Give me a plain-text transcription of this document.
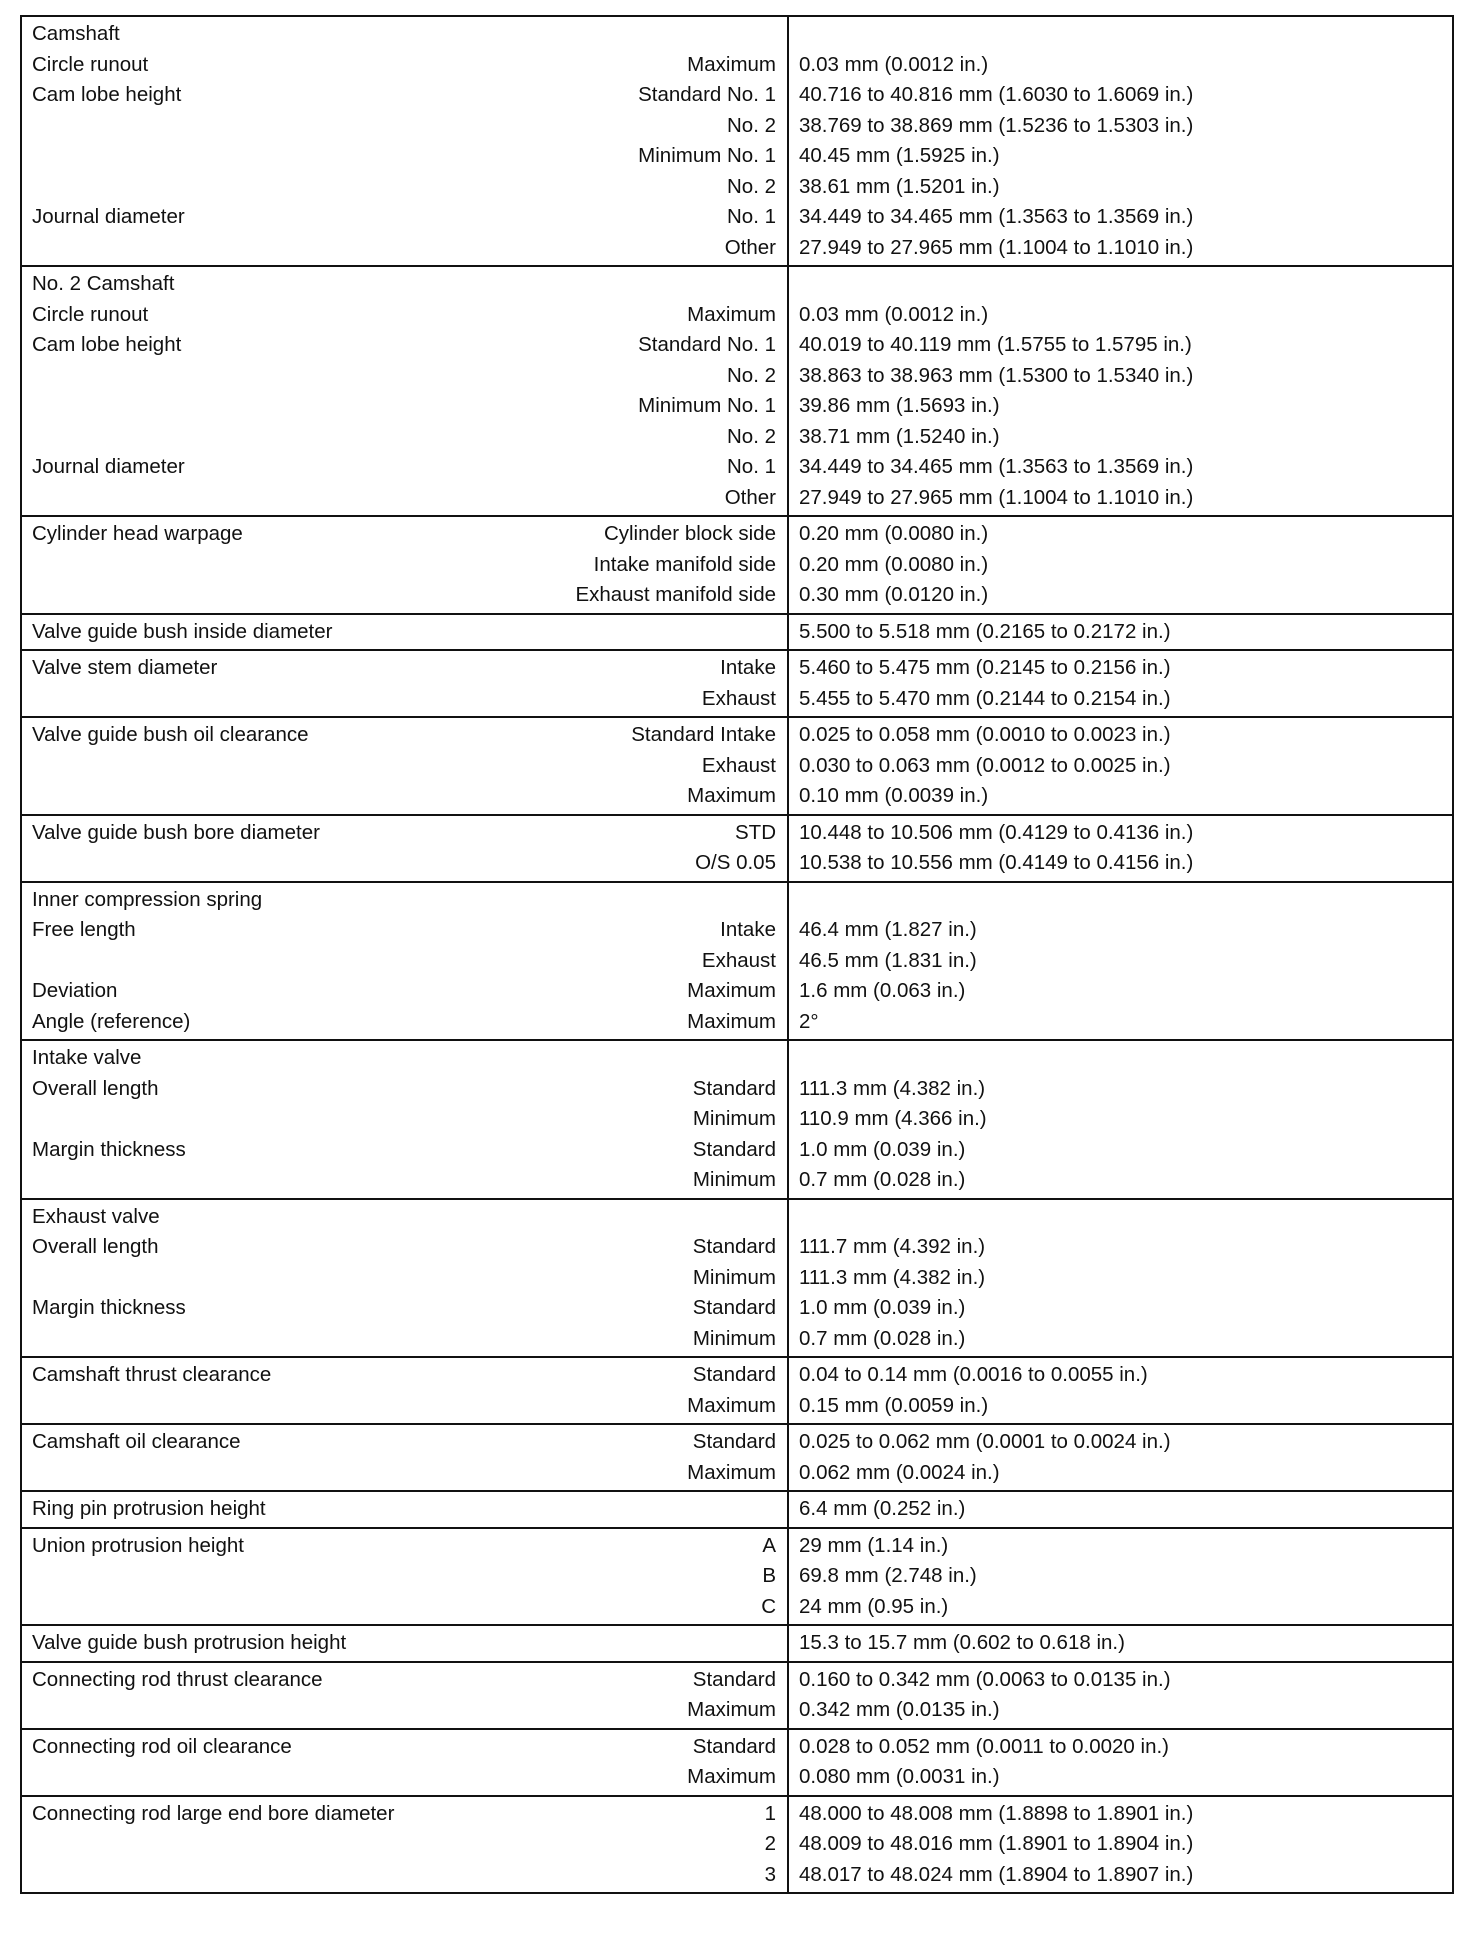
Camshaft		
Circle runout	Maximum	0.03 mm (0.0012 in.)
Cam lobe height	Standard No. 1	40.716 to 40.816 mm (1.6030 to 1.6069 in.)
	No. 2	38.769 to 38.869 mm (1.5236 to 1.5303 in.)
	Minimum No. 1	40.45 mm (1.5925 in.)
	No. 2	38.61 mm (1.5201 in.)
Journal diameter	No. 1	34.449 to 34.465 mm (1.3563 to 1.3569 in.)
	Other	27.949 to 27.965 mm (1.1004 to 1.1010 in.)
No. 2 Camshaft		
Circle runout	Maximum	0.03 mm (0.0012 in.)
Cam lobe height	Standard No. 1	40.019 to 40.119 mm (1.5755 to 1.5795 in.)
	No. 2	38.863 to 38.963 mm (1.5300 to 1.5340 in.)
	Minimum No. 1	39.86 mm (1.5693 in.)
	No. 2	38.71 mm (1.5240 in.)
Journal diameter	No. 1	34.449 to 34.465 mm (1.3563 to 1.3569 in.)
	Other	27.949 to 27.965 mm (1.1004 to 1.1010 in.)
Cylinder head warpage	Cylinder block side	0.20 mm (0.0080 in.)
	Intake manifold side	0.20 mm (0.0080 in.)
	Exhaust manifold side	0.30 mm (0.0120 in.)
Valve guide bush inside diameter		5.500 to 5.518 mm (0.2165 to 0.2172 in.)
Valve stem diameter	Intake	5.460 to 5.475 mm (0.2145 to 0.2156 in.)
	Exhaust	5.455 to 5.470 mm (0.2144 to 0.2154 in.)
Valve guide bush oil clearance	Standard Intake	0.025 to 0.058 mm (0.0010 to 0.0023 in.)
	Exhaust	0.030 to 0.063 mm (0.0012 to 0.0025 in.)
	Maximum	0.10 mm (0.0039 in.)
Valve guide bush bore diameter	STD	10.448 to 10.506 mm (0.4129 to 0.4136 in.)
	O/S 0.05	10.538 to 10.556 mm (0.4149 to 0.4156 in.)
Inner compression spring		
Free length	Intake	46.4 mm (1.827 in.)
	Exhaust	46.5 mm (1.831 in.)
Deviation	Maximum	1.6 mm (0.063 in.)
Angle (reference)	Maximum	2°
Intake valve		
Overall length	Standard	111.3 mm (4.382 in.)
	Minimum	110.9 mm (4.366 in.)
Margin thickness	Standard	1.0 mm (0.039 in.)
	Minimum	0.7 mm (0.028 in.)
Exhaust valve		
Overall length	Standard	111.7 mm (4.392 in.)
	Minimum	111.3 mm (4.382 in.)
Margin thickness	Standard	1.0 mm (0.039 in.)
	Minimum	0.7 mm (0.028 in.)
Camshaft thrust clearance	Standard	0.04 to 0.14 mm (0.0016 to 0.0055 in.)
	Maximum	0.15 mm (0.0059 in.)
Camshaft oil clearance	Standard	0.025 to 0.062 mm (0.0001 to 0.0024 in.)
	Maximum	0.062 mm (0.0024 in.)
Ring pin protrusion height		6.4 mm (0.252 in.)
Union protrusion height	A	29 mm (1.14 in.)
	B	69.8 mm (2.748 in.)
	C	24 mm (0.95 in.)
Valve guide bush protrusion height		15.3 to 15.7 mm (0.602 to 0.618 in.)
Connecting rod thrust clearance	Standard	0.160 to 0.342 mm (0.0063 to 0.0135 in.)
	Maximum	0.342 mm (0.0135 in.)
Connecting rod oil clearance	Standard	0.028 to 0.052 mm (0.0011 to 0.0020 in.)
	Maximum	0.080 mm (0.0031 in.)
Connecting rod large end bore diameter	1	48.000 to 48.008 mm (1.8898 to 1.8901 in.)
	2	48.009 to 48.016 mm (1.8901 to 1.8904 in.)
	3	48.017 to 48.024 mm (1.8904 to 1.8907 in.)
